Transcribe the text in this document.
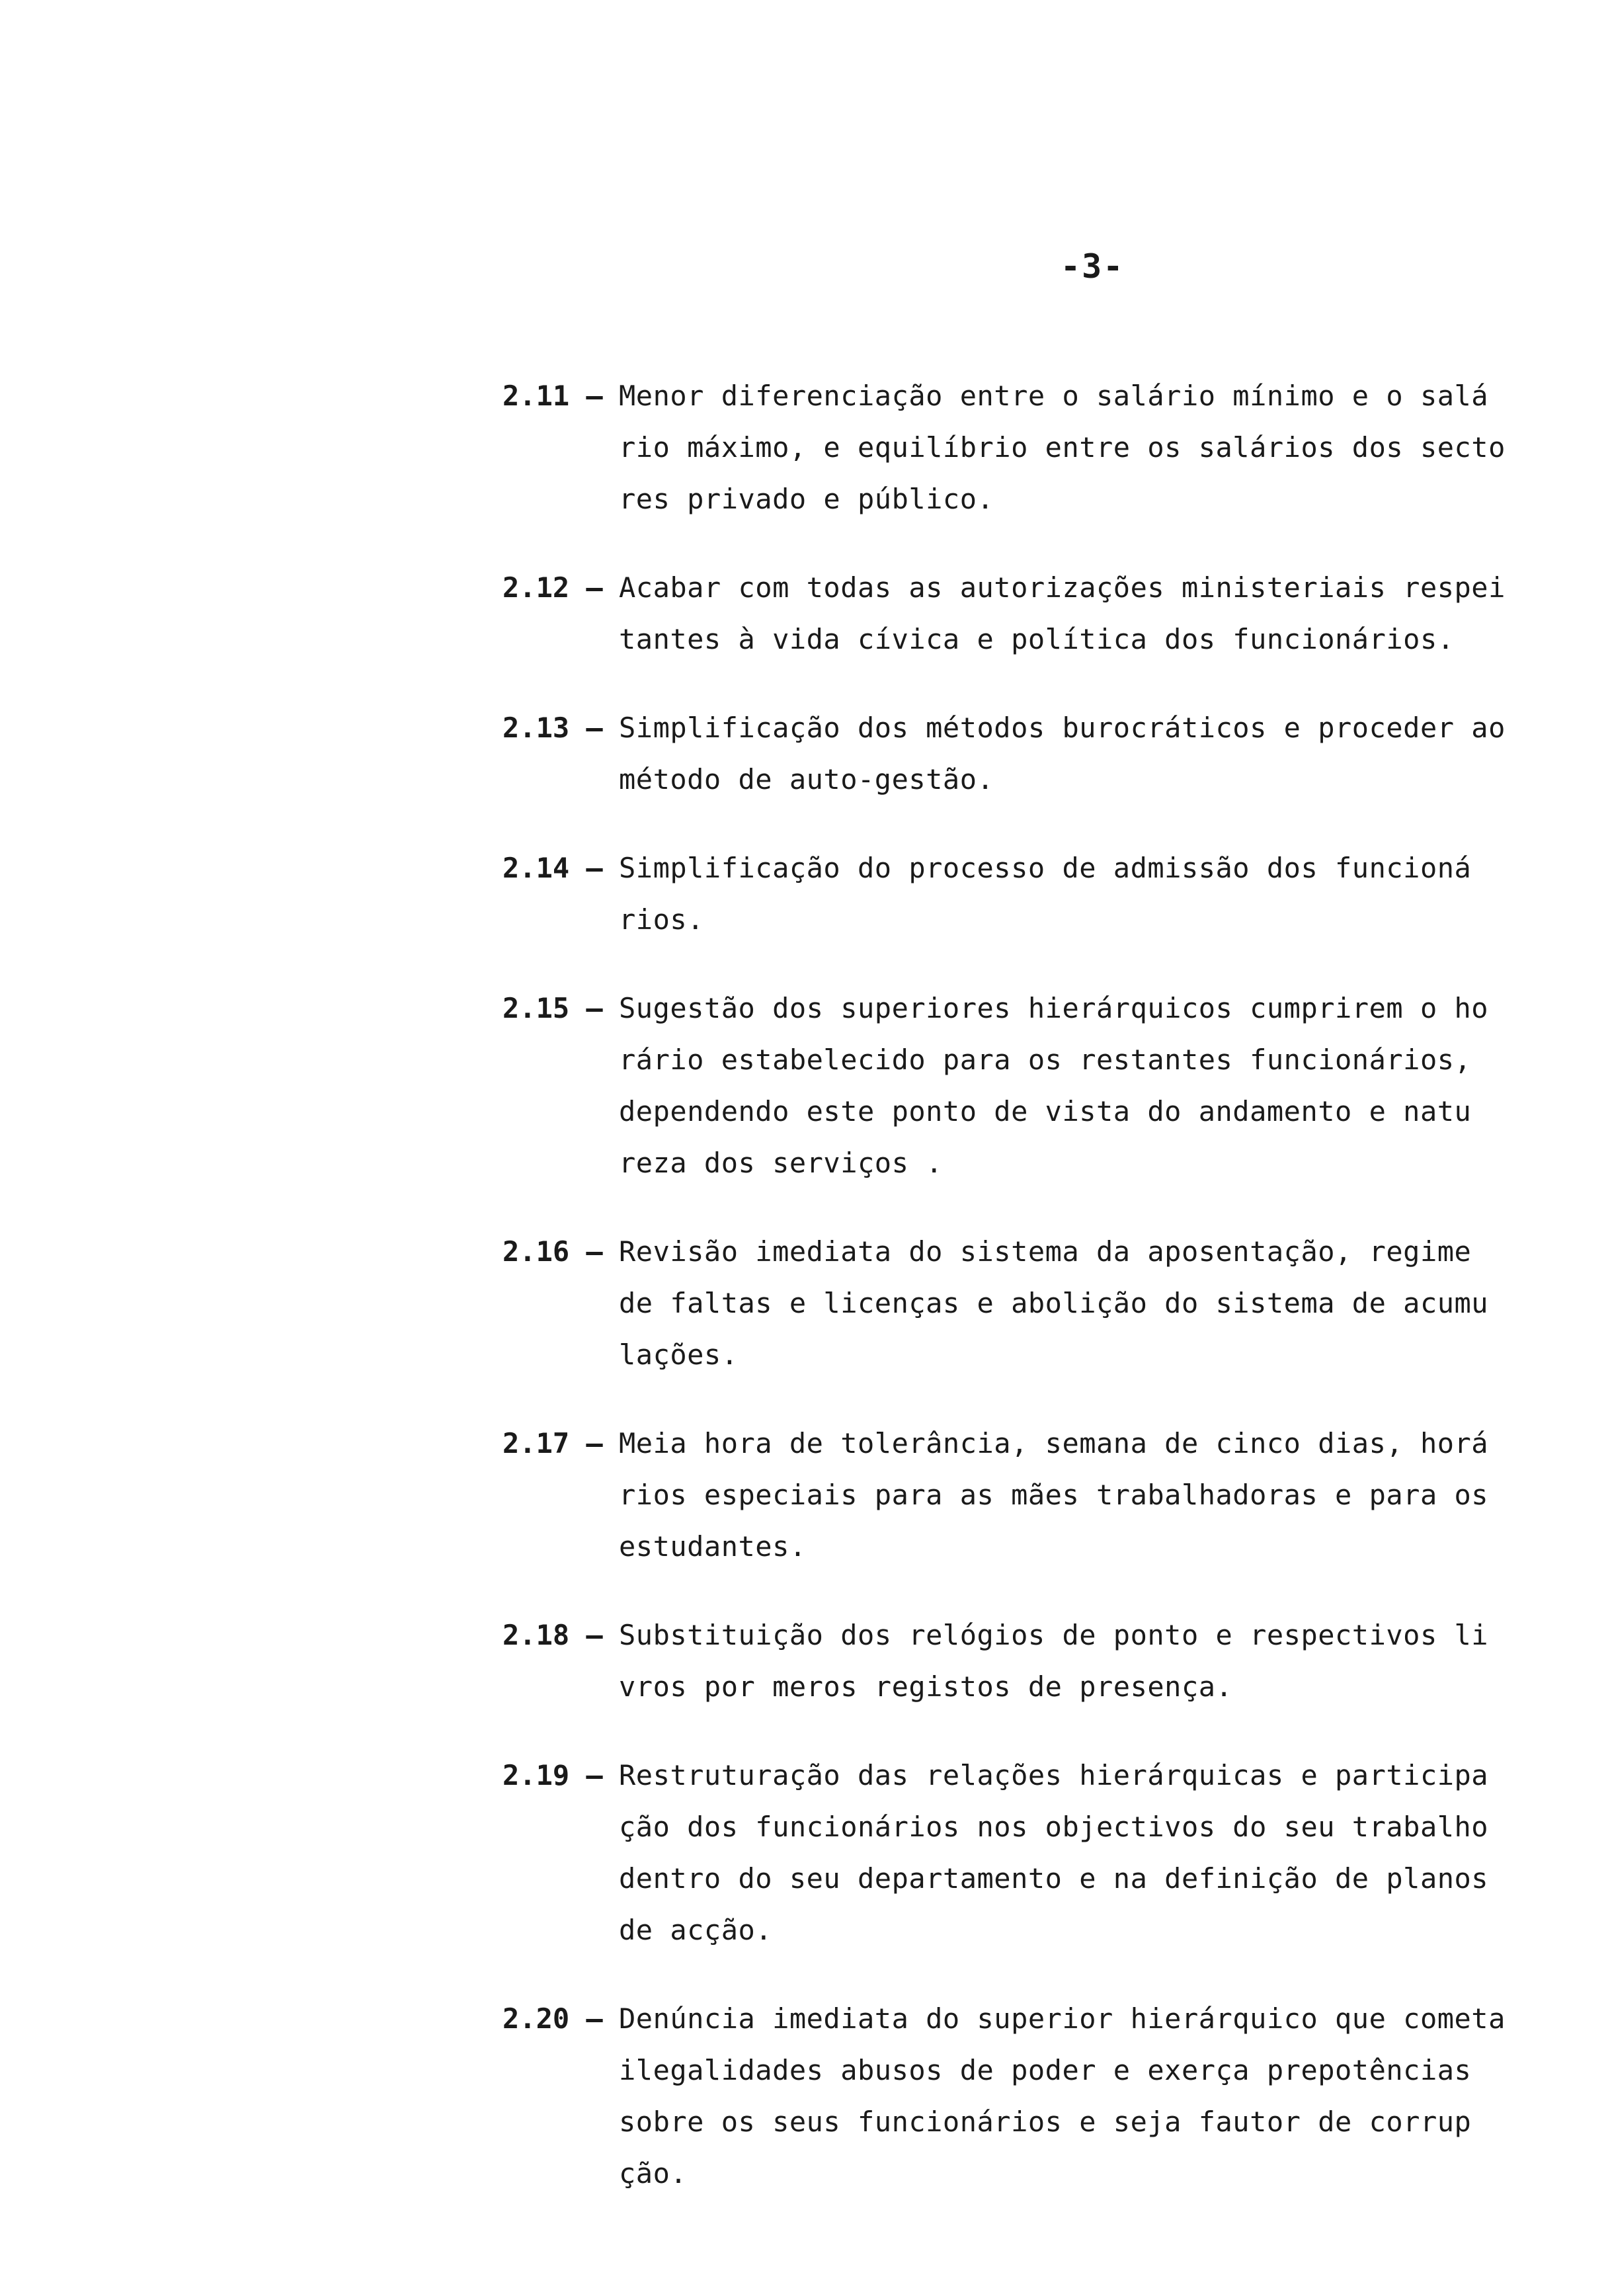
-3-
2.11 – Menor diferenciação entre o salário mínimo e o salá
rio máximo, e equilíbrio entre os salários dos secto
res privado e público.
2.12 – Acabar com todas as autorizações ministeriais respei
tantes à vida cívica e política dos funcionários.
2.13 – Simplificação dos métodos burocráticos e proceder ao
método de auto-gestão.
2.14 – Simplificação do processo de admissão dos funcioná
rios.
2.15 – Sugestão dos superiores hierárquicos cumprirem o ho
rário estabelecido para os restantes funcionários,
dependendo este ponto de vista do andamento e natu
reza dos serviços .
2.16 – Revisão imediata do sistema da aposentação, regime
de faltas e licenças e abolição do sistema de acumu
lações.
2.17 – Meia hora de tolerância, semana de cinco dias, horá
rios especiais para as mães trabalhadoras e para os
estudantes.
2.18 – Substituição dos relógios de ponto e respectivos li
vros por meros registos de presença.
2.19 – Restruturação das relações hierárquicas e participa
ção dos funcionários nos objectivos do seu trabalho
dentro do seu departamento e na definição de planos
de acção.
2.20 – Denúncia imediata do superior hierárquico que cometa
ilegalidades abusos de poder e exerça prepotências
sobre os seus funcionários e seja fautor de corrup
ção.
